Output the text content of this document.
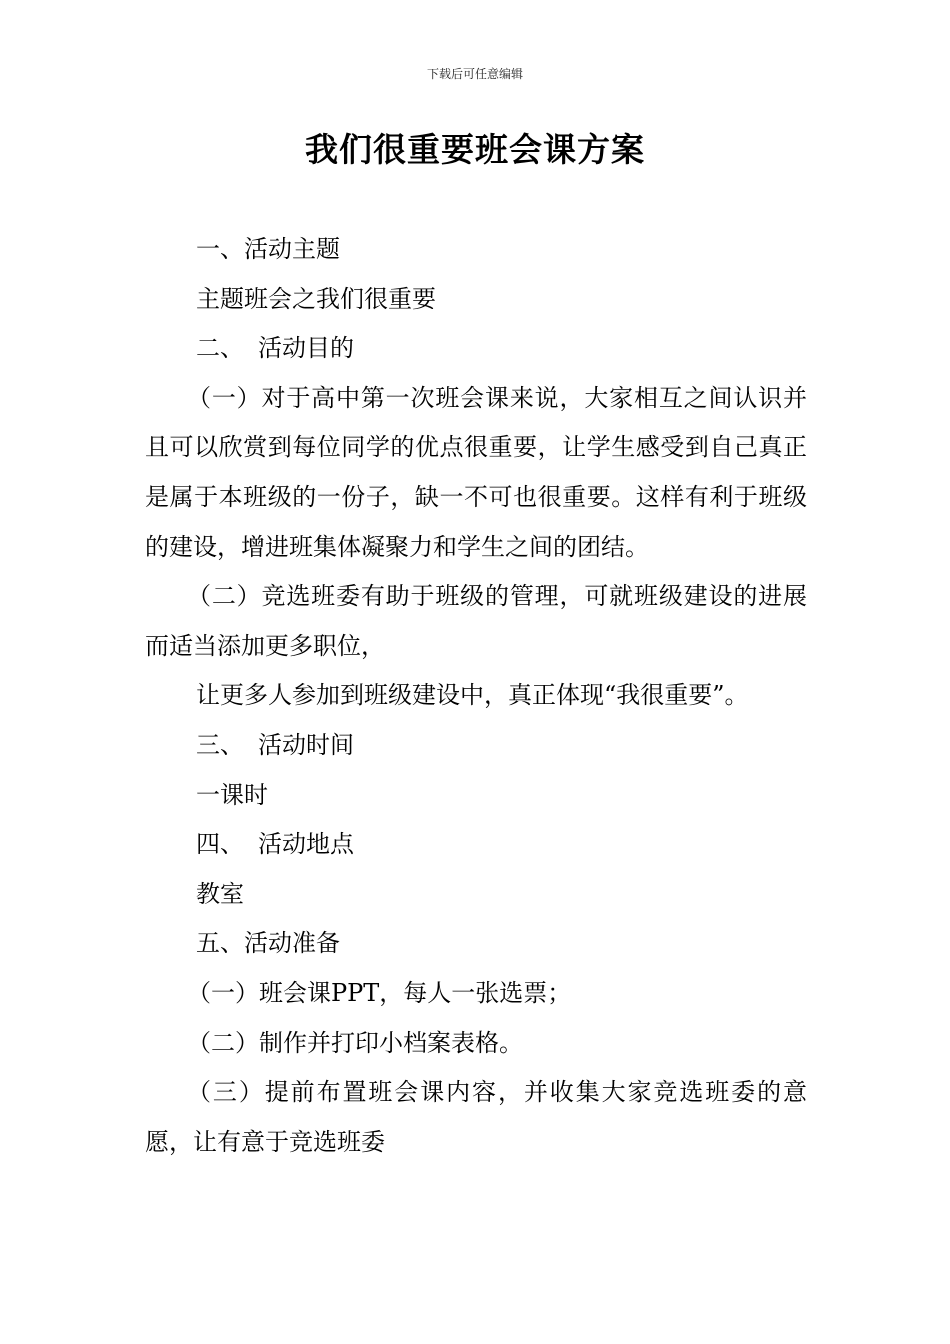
下载后可任意编辑
我们很重要班会课方案

一、活动主题

主题班会之我们很重要

二、 活动目的

（一）对于高中第一次班会课来说，大家相互之间认识并且可以欣赏到每位同学的优点很重要，让学生感受到自己真正是属于本班级的一份子，缺一不可也很重要。这样有利于班级的建设，增进班集体凝聚力和学生之间的团结。

（二）竞选班委有助于班级的管理，可就班级建设的进展而适当添加更多职位，

让更多人参加到班级建设中，真正体现“我很重要”。

三、 活动时间

一课时

四、 活动地点

教室

五、活动准备

（一）班会课PPT，每人一张选票；

（二）制作并打印小档案表格。

（三）提前布置班会课内容，并收集大家竞选班委的意愿，让有意于竞选班委
